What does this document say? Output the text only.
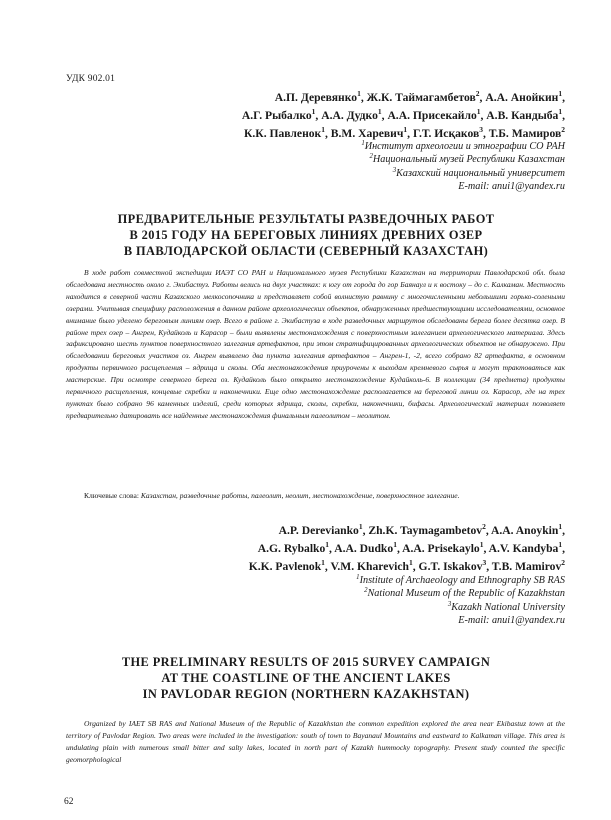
УДК 902.01
А.П. Деревянко$^1$, Ж.К. Таймагамбетов$^2$, А.А. Анойкин$^1$,
А.Г. Рыбалко$^1$, А.А. Дудко$^1$, А.А. Присекайло$^1$, А.В. Кандыба$^1$,
К.К. Павленок$^1$, В.М. Харевич$^1$, Г.Т. Исқаков$^3$, Т.Б. Мамиров$^2$
$^1$Институт археологии и этнографии СО РАН
$^2$Национальный музей Республики Казахстан
$^3$Казахский национальный университет
E-mail: anui1@yandex.ru
ПРЕДВАРИТЕЛЬНЫЕ РЕЗУЛЬТАТЫ РАЗВЕДОЧНЫХ РАБОТ
В 2015 ГОДУ НА БЕРЕГОВЫХ ЛИНИЯХ ДРЕВНИХ ОЗЕР
В ПАВЛОДАРСКОЙ ОБЛАСТИ (СЕВЕРНЫЙ КАЗАХСТАН)
В ходе работ совместной экспедиции ИАЭТ СО РАН и Национального музея Республики Казахстан на территории Павлодарской обл. была обследована местность около г. Экибастуз. Работы велись на двух участках: к югу от города до гор Баянаул и к востоку – до с. Калкаман. Местность находится в северной части Казахского мелкосопочника и представляет собой волнистую равнину с многочисленными небольшими горько-солеными озерами. Учитывая специфику расположения в данном районе археологических объектов, обнаруженных предшествующими исследователями, основное внимание было уделено береговым линиям озер. Всего в районе г. Экибастуза в ходе разведочных маршрутов обследованы берега более десятка озер. В районе трех озер – Ангрен, Кудайколь и Карасор – были выявлены местонахождения с поверхностным залеганием археологического материала. Здесь зафиксировано шесть пунктов поверхностного залегания артефактов, при этом стратифицированных археологических объектов не обнаружено. При обследовании береговых участков оз. Ангрен выявлено два пункта залегания артефактов – Ангрен-1, -2, всего собрано 82 артефакта, в основном продукты первичного расщепления – ядрища и сколы. Оба местонахождения приурочены к выходам кремневого сырья и могут трактоваться как мастерские. При осмотре северного берега оз. Кудайколь было открыто местонахождение Кудайколь-6. В коллекции (34 предмета) продукты первичного расщепления, концевые скребки и наконечники. Еще одно местонахождение располагается на береговой линии оз. Карасор, где на трех пунктах было собрано 96 каменных изделий, среди которых ядрища, сколы, скребки, наконечники, бифасы. Археологический материал позволяет предварительно датировать все найденные местонахождения финальным палеолитом – неолитом.
Ключевые слова: Казахстан, разведочные работы, палеолит, неолит, местонахождение, поверхностное залегание.
A.P. Derevianko$^1$, Zh.K. Taymagambetov$^2$, A.A. Anoykin$^1$,
A.G. Rybalko$^1$, A.A. Dudko$^1$, A.A. Prisekaylo$^1$, A.V. Kandyba$^1$,
K.K. Pavlenok$^1$, V.M. Kharevich$^1$, G.T. Iskakov$^3$, T.B. Mamirov$^2$
$^1$Institute of Archaeology and Ethnography SB RAS
$^2$National Museum of the Republic of Kazakhstan
$^3$Kazakh National University
E-mail: anui1@yandex.ru
THE PRELIMINARY RESULTS OF 2015 SURVEY CAMPAIGN
AT THE COASTLINE OF THE ANCIENT LAKES
IN PAVLODAR REGION (NORTHERN KAZAKHSTAN)
Organized by IAET SB RAS and National Museum of the Republic of Kazakhstan the common expedition explored the area near Ekibastuz town at the territory of Pavlodar Region. Two areas were included in the investigation: south of town to Bayanaul Mountains and eastward to Kalkaman village. This area is undulating plain with numerous small bitter and salty lakes, located in north part of Kazakh hummocky topography. Present study counted the specific geomorphological
62
